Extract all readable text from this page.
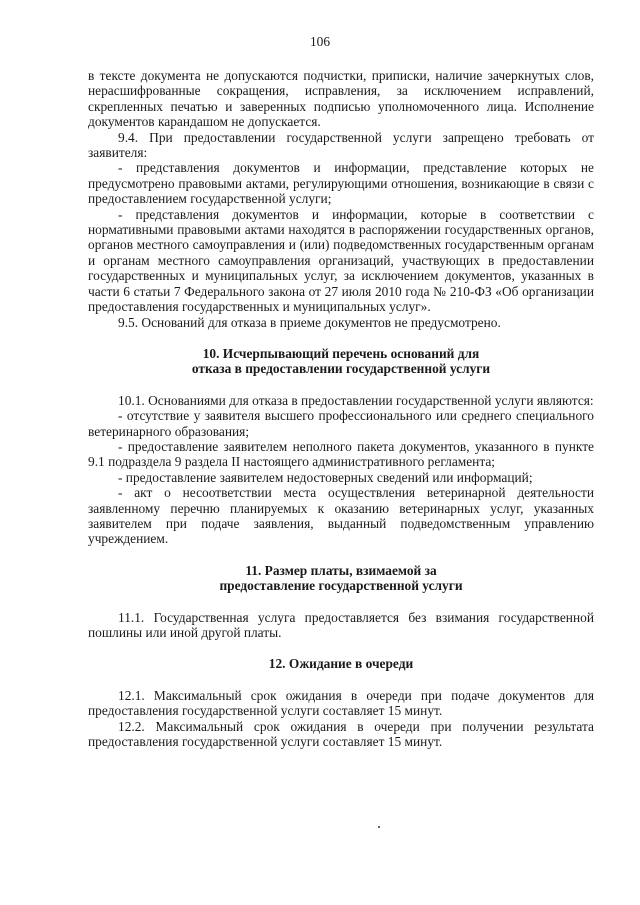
106

в тексте документа не допускаются подчистки, приписки, наличие зачеркнутых слов, нерасшифрованные сокращения, исправления, за исключением исправлений, скрепленных печатью и заверенных подписью уполномоченного лица. Исполнение документов карандашом не допускается.

9.4. При предоставлении государственной услуги запрещено требовать от заявителя:

- представления документов и информации, представление которых не предусмотрено правовыми актами, регулирующими отношения, возникающие в связи с предоставлением государственной услуги;

- представления документов и информации, которые в соответствии с нормативными правовыми актами находятся в распоряжении государственных органов, органов местного самоуправления и (или) подведомственных государственным органам и органам местного самоуправления организаций, участвующих в предоставлении государственных и муниципальных услуг, за исключением документов, указанных в части 6 статьи 7 Федерального закона от 27 июля 2010 года № 210-ФЗ «Об организации предоставления государственных и муниципальных услуг».

9.5. Оснований для отказа в приеме документов не предусмотрено.

10. Исчерпывающий перечень оснований для
отказа в предоставлении государственной услуги

10.1. Основаниями для отказа в предоставлении государственной услуги являются:

- отсутствие у заявителя высшего профессионального или среднего специального ветеринарного образования;

- предоставление заявителем неполного пакета документов, указанного в пункте 9.1 подраздела 9 раздела II настоящего административного регламента;

- предоставление заявителем недостоверных сведений или информаций;

- акт о несоответствии места осуществления ветеринарной деятельности заявленному перечню планируемых к оказанию ветеринарных услуг, указанных заявителем при подаче заявления, выданный подведомственным управлению учреждением.

11. Размер платы, взимаемой за
предоставление государственной услуги

11.1. Государственная услуга предоставляется без взимания государственной пошлины или иной другой платы.

12. Ожидание в очереди

12.1. Максимальный срок ожидания в очереди при подаче документов для предоставления государственной услуги составляет 15 минут.

12.2. Максимальный срок ожидания в очереди при получении результата предоставления государственной услуги составляет 15 минут.
